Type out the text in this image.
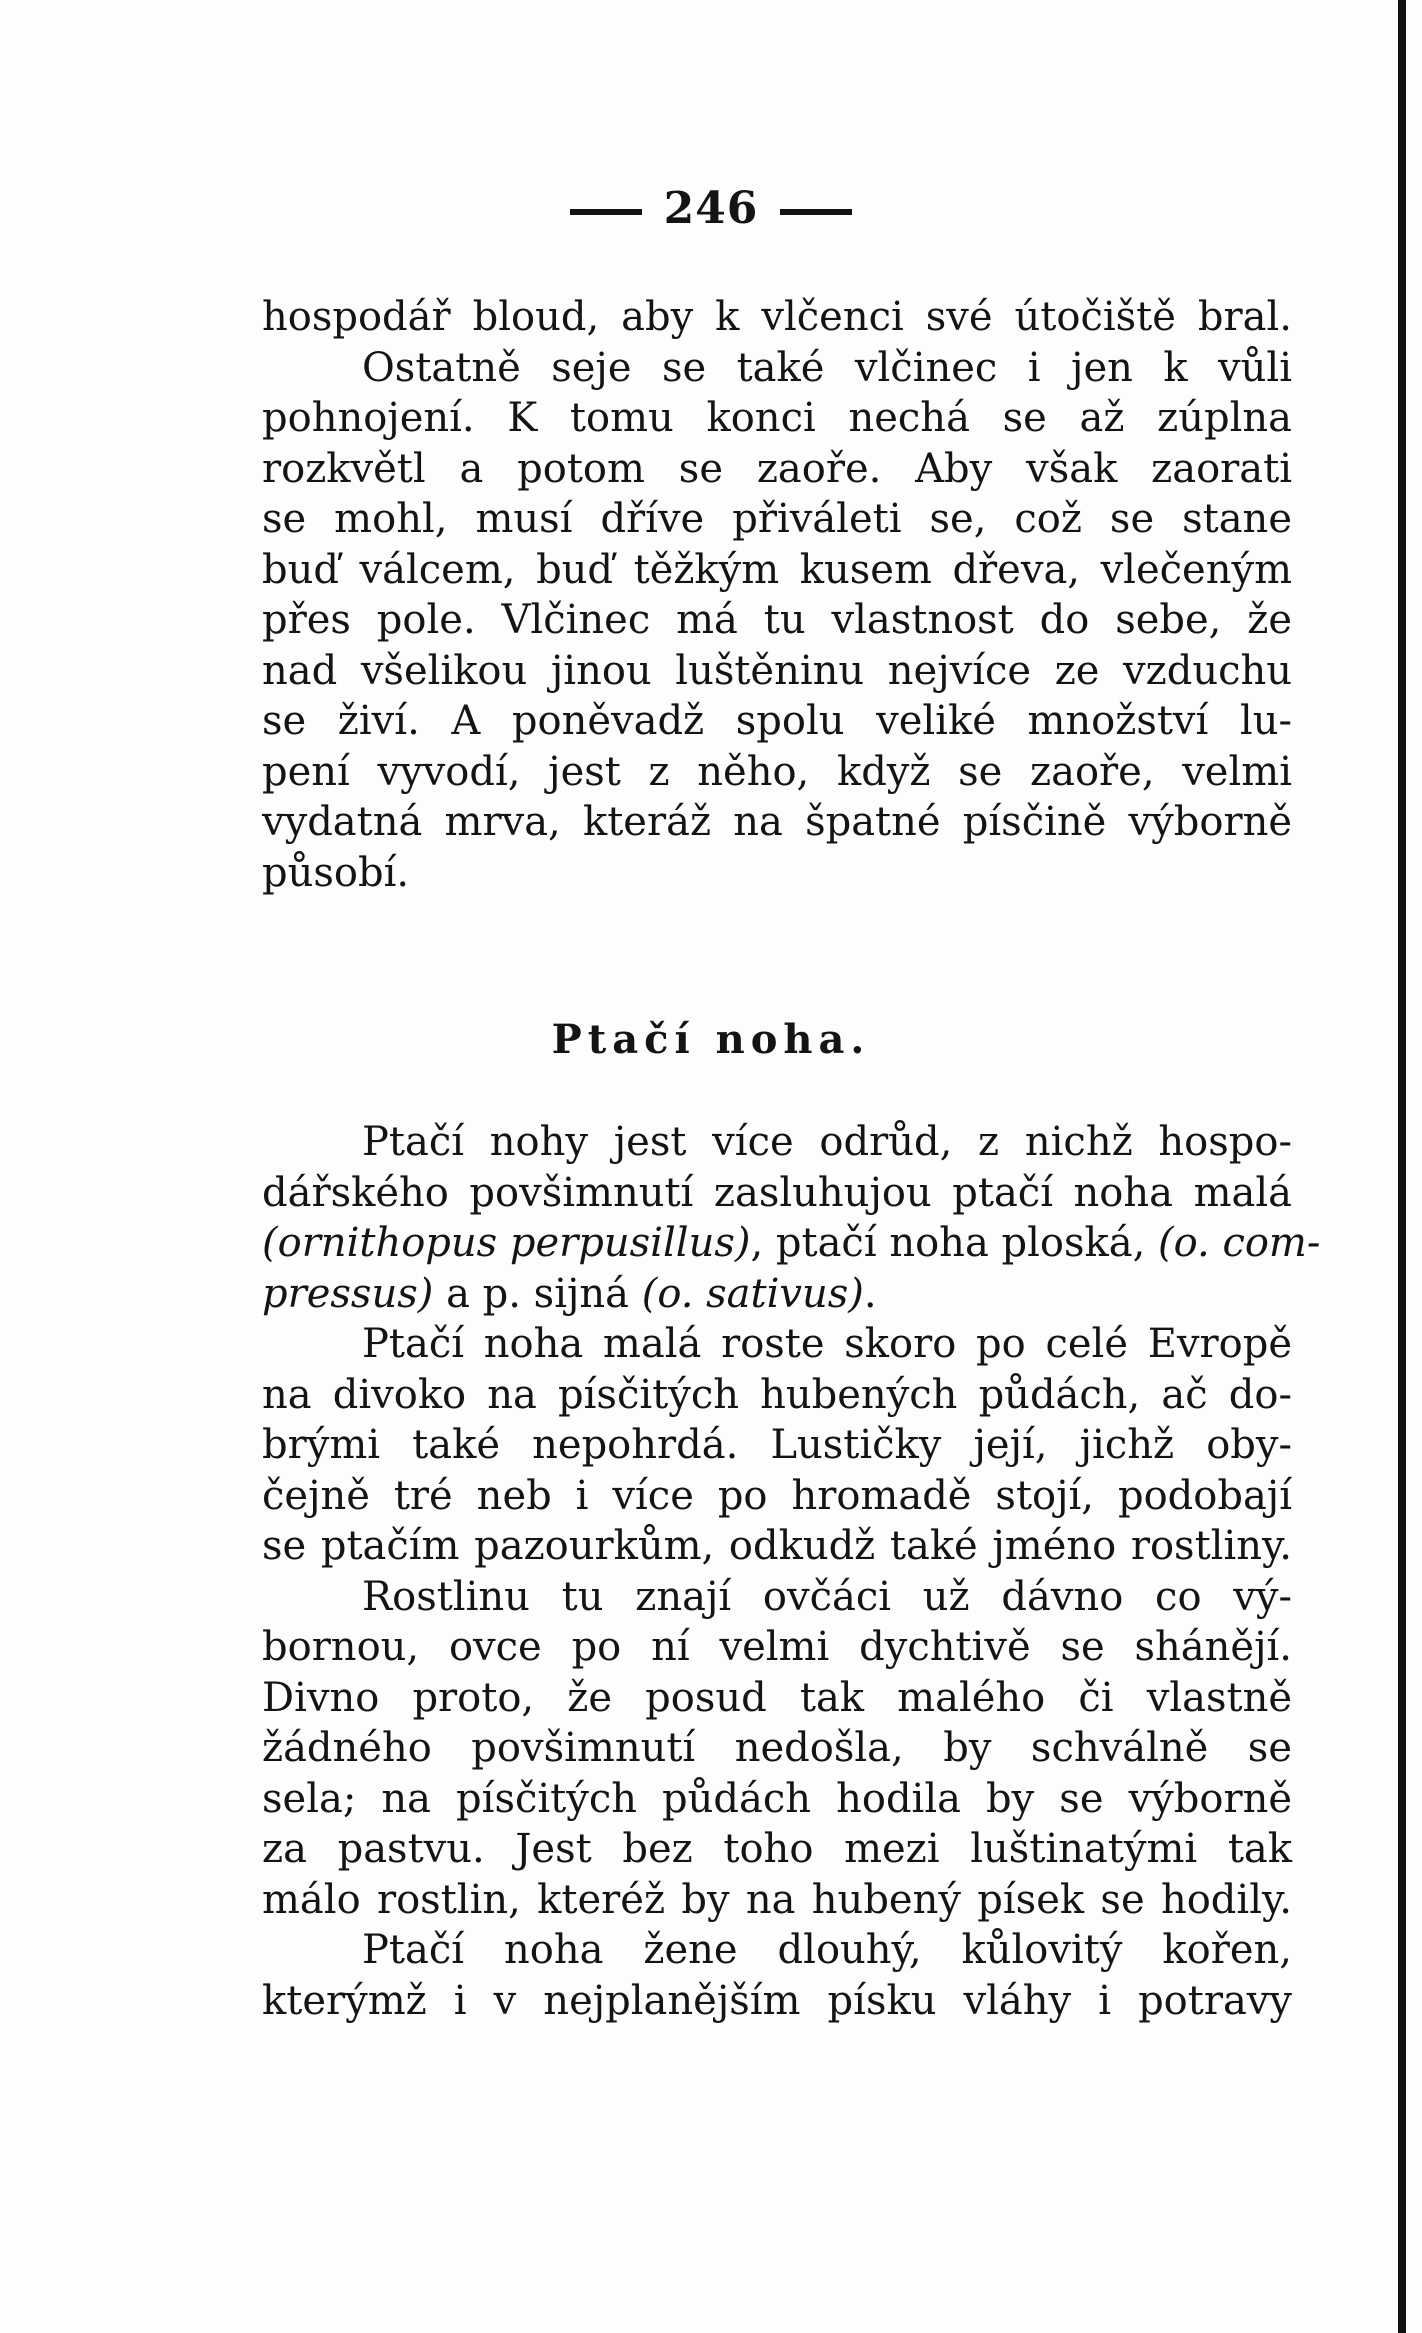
246
hospodář bloud, aby k vlčenci své útočiště bral.
Ostatně seje se také vlčinec i jen k vůli
pohnojení. K tomu konci nechá se až zúplna
rozkvětl a potom se zaoře. Aby však zaorati
se mohl, musí dříve přiváleti se, což se stane
buď válcem, buď těžkým kusem dřeva, vlečeným
přes pole. Vlčinec má tu vlastnost do sebe, že
nad všelikou jinou luštěninu nejvíce ze vzduchu
se živí. A poněvadž spolu veliké množství lu-
pení vyvodí, jest z něho, když se zaoře, velmi
vydatná mrva, kteráž na špatné písčině výborně
působí.
Ptačí noha.
Ptačí nohy jest více odrůd, z nichž hospo-
dářského povšimnutí zasluhujou ptačí noha malá
(ornithopus perpusillus), ptačí noha plоská, (o. com-
pressus) a p. sijná (o. sativus).
Ptačí noha malá roste skoro po celé Evropě
na divoko na písčitých hubených půdách, ač do-
brými také nepohrdá. Lustičky její, jichž oby-
čejně tré neb i více po hromadě stojí, podobají
se ptačím pazourkům, odkudž také jméno rostliny.
Rostlinu tu znají ovčáci už dávno co vý-
bornou, ovce po ní velmi dychtivě se shánějí.
Divno proto, že posud tak malého či vlastně
žádného povšimnutí nedošla, by schválně se
sela; na písčitých půdách hodila by se výborně
za pastvu. Jest bez toho mezi luštinatými tak
málo rostlin, kteréž by na hubený písek se hodily.
Ptačí noha žene dlouhý, kůlovitý kořen,
kterýmž i v nejplanějším písku vláhy i potravy
